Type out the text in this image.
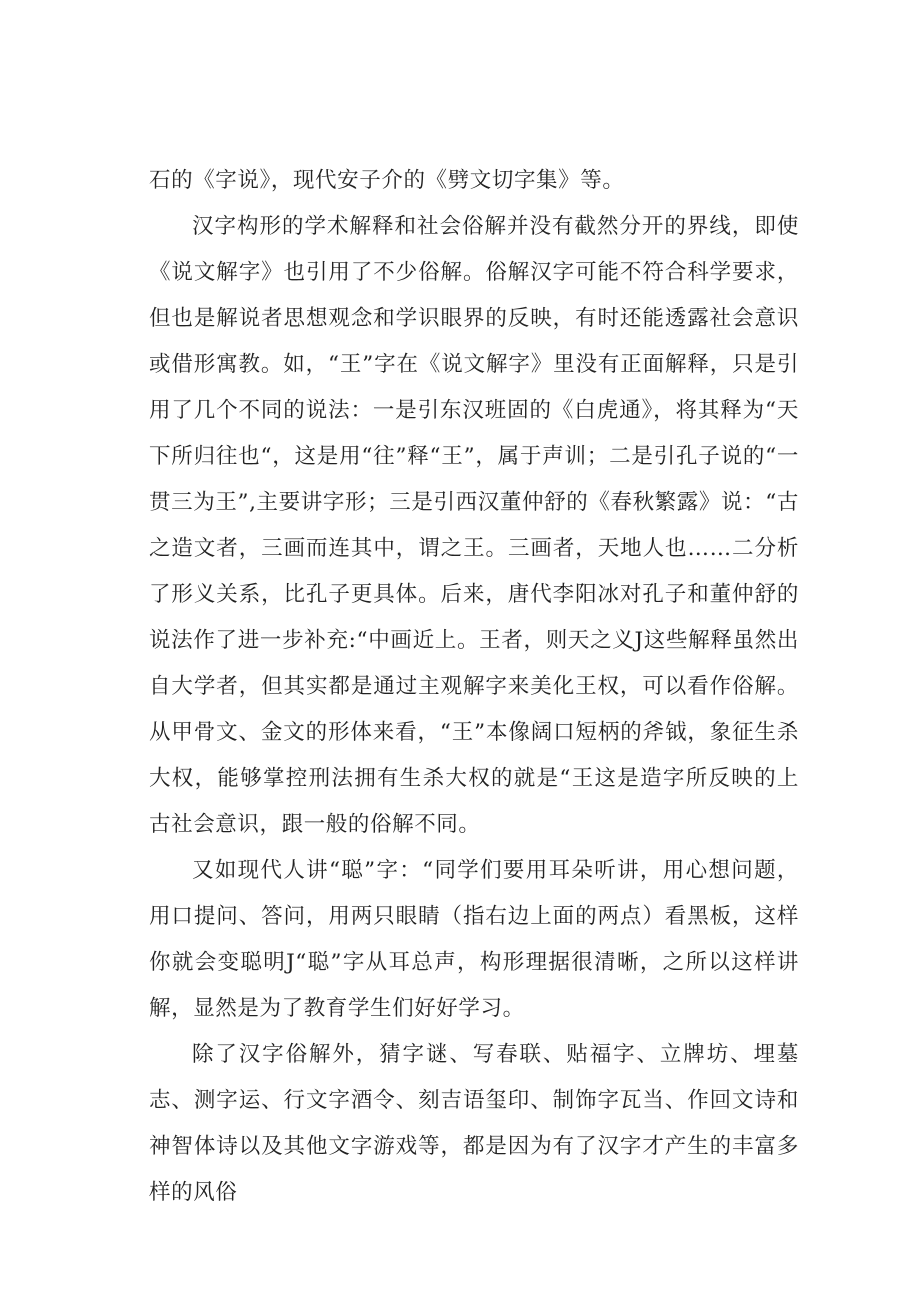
石的《字说》，现代安子介的《劈文切字集》等。

汉字构形的学术解释和社会俗解并没有截然分开的界线，即使《说文解字》也引用了不少俗解。俗解汉字可能不符合科学要求，但也是解说者思想观念和学识眼界的反映，有时还能透露社会意识或借形寓教。如，“王”字在《说文解字》里没有正面解释，只是引用了几个不同的说法：一是引东汉班固的《白虎通》，将其释为“天下所归往也“，这是用“往”释“王”，属于声训；二是引孔子说的“一贯三为王”,主要讲字形；三是引西汉董仲舒的《春秋繁露》说：“古之造文者，三画而连其中，谓之王。三画者，天地人也……二分析了形义关系，比孔子更具体。后来，唐代李阳冰对孔子和董仲舒的说法作了进一步补充:“中画近上。王者，则天之义J这些解释虽然出自大学者，但其实都是通过主观解字来美化王权，可以看作俗解。从甲骨文、金文的形体来看，“王”本像阔口短柄的斧钺，象征生杀大权，能够掌控刑法拥有生杀大权的就是“王这是造字所反映的上古社会意识，跟一般的俗解不同。

又如现代人讲“聪”字：“同学们要用耳朵听讲，用心想问题，用口提问、答问，用两只眼睛（指右边上面的两点）看黑板，这样你就会变聪明J“聪”字从耳总声，构形理据很清晰，之所以这样讲解，显然是为了教育学生们好好学习。

除了汉字俗解外，猜字谜、写春联、贴福字、立牌坊、埋墓志、测字运、行文字酒令、刻吉语玺印、制饰字瓦当、作回文诗和神智体诗以及其他文字游戏等，都是因为有了汉字才产生的丰富多样的风俗
